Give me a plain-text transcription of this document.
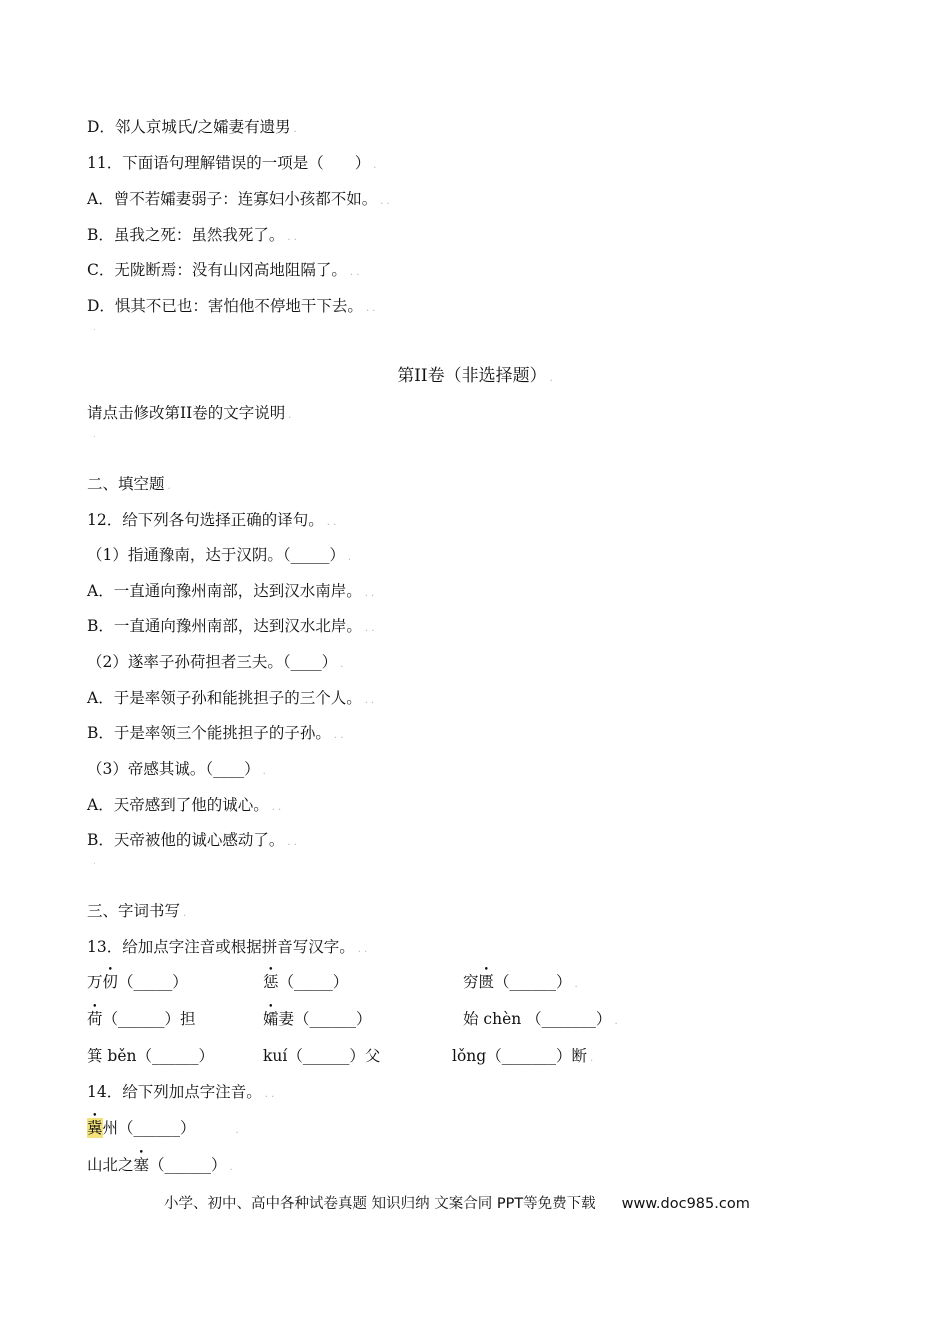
D．邻人京城氏/之孀妻有遗男 .
11．下面语句理解错误的一项是（　　） .
A．曾不若孀妻弱子：连寡妇小孩都不如。 . .
B．虽我之死：虽然我死了。 . .
C．无陇断焉：没有山冈高地阻隔了。 . .
D．惧其不已也：害怕他不停地干下去。 . .
.
第II卷（非选择题） .
请点击修改第II卷的文字说明 .
.
二、填空题 .
12．给下列各句选择正确的译句。 . .
（1）指通豫南，达于汉阴。（_____） .
A．一直通向豫州南部，达到汉水南岸。 . .
B．一直通向豫州南部，达到汉水北岸。 . .
（2）遂率子孙荷担者三夫。（____） .
A．于是率领子孙和能挑担子的三个人。 . .
B．于是率领三个能挑担子的子孙。 . .
（3）帝感其诚。（____） .
A．天帝感到了他的诚心。 . .
B．天帝被他的诚心感动了。 . .
.
三、字词书写 .
13．给加点字注音或根据拼音写汉字。 . .
万仞（_____）	惩（_____）	穷匮（______） .
荷（______）担	孀妻（______）	始 chèn （_______） .
箕 běn（______）	kuí（______）父	lǒng（_______）断 .
14．给下列加点字注音。 . .
冀州（______）	.
山北之塞（______） .
小学、初中、高中各种试卷真题 知识归纳 文案合同 PPT等免费下载 www.doc985.com
